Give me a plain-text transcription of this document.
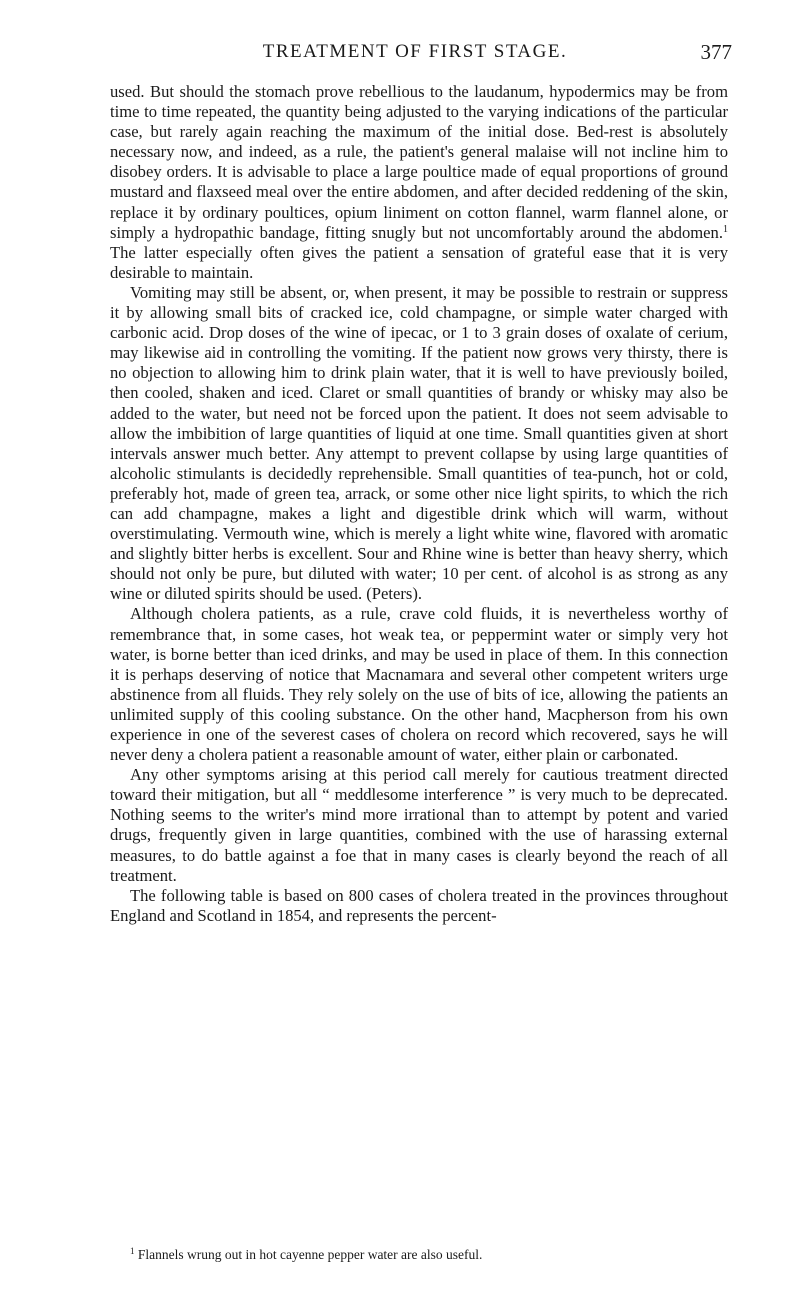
TREATMENT OF FIRST STAGE.	377

used. But should the stomach prove rebellious to the laudanum, hypodermics may be from time to time repeated, the quantity being adjusted to the varying indications of the particular case, but rarely again reaching the maximum of the initial dose. Bed-rest is absolutely necessary now, and indeed, as a rule, the patient's general malaise will not incline him to disobey orders. It is advisable to place a large poultice made of equal proportions of ground mustard and flaxseed meal over the entire abdomen, and after decided reddening of the skin, replace it by ordinary poultices, opium liniment on cotton flannel, warm flannel alone, or simply a hydropathic bandage, fitting snugly but not uncomfortably around the abdomen.$^1$ The latter especially often gives the patient a sensation of grateful ease that it is very desirable to maintain.

Vomiting may still be absent, or, when present, it may be possible to restrain or suppress it by allowing small bits of cracked ice, cold champagne, or simple water charged with carbonic acid. Drop doses of the wine of ipecac, or 1 to 3 grain doses of oxalate of cerium, may likewise aid in controlling the vomiting. If the patient now grows very thirsty, there is no objection to allowing him to drink plain water, that it is well to have previously boiled, then cooled, shaken and iced. Claret or small quantities of brandy or whisky may also be added to the water, but need not be forced upon the patient. It does not seem advisable to allow the imbibition of large quantities of liquid at one time. Small quantities given at short intervals answer much better. Any attempt to prevent collapse by using large quantities of alcoholic stimulants is decidedly reprehensible. Small quantities of tea-punch, hot or cold, preferably hot, made of green tea, arrack, or some other nice light spirits, to which the rich can add champagne, makes a light and digestible drink which will warm, without overstimulating. Vermouth wine, which is merely a light white wine, flavored with aromatic and slightly bitter herbs is excellent. Sour and Rhine wine is better than heavy sherry, which should not only be pure, but diluted with water; 10 per cent. of alcohol is as strong as any wine or diluted spirits should be used. (Peters).

Although cholera patients, as a rule, crave cold fluids, it is nevertheless worthy of remembrance that, in some cases, hot weak tea, or peppermint water or simply very hot water, is borne better than iced drinks, and may be used in place of them. In this connection it is perhaps deserving of notice that Macnamara and several other competent writers urge abstinence from all fluids. They rely solely on the use of bits of ice, allowing the patients an unlimited supply of this cooling substance. On the other hand, Macpherson from his own experience in one of the severest cases of cholera on record which recovered, says he will never deny a cholera patient a reasonable amount of water, either plain or carbonated.

Any other symptoms arising at this period call merely for cautious treatment directed toward their mitigation, but all “ meddlesome interference ” is very much to be deprecated. Nothing seems to the writer's mind more irrational than to attempt by potent and varied drugs, frequently given in large quantities, combined with the use of harassing external measures, to do battle against a foe that in many cases is clearly beyond the reach of all treatment.

The following table is based on 800 cases of cholera treated in the provinces throughout England and Scotland in 1854, and represents the percent-

$^1$ Flannels wrung out in hot cayenne pepper water are also useful.
